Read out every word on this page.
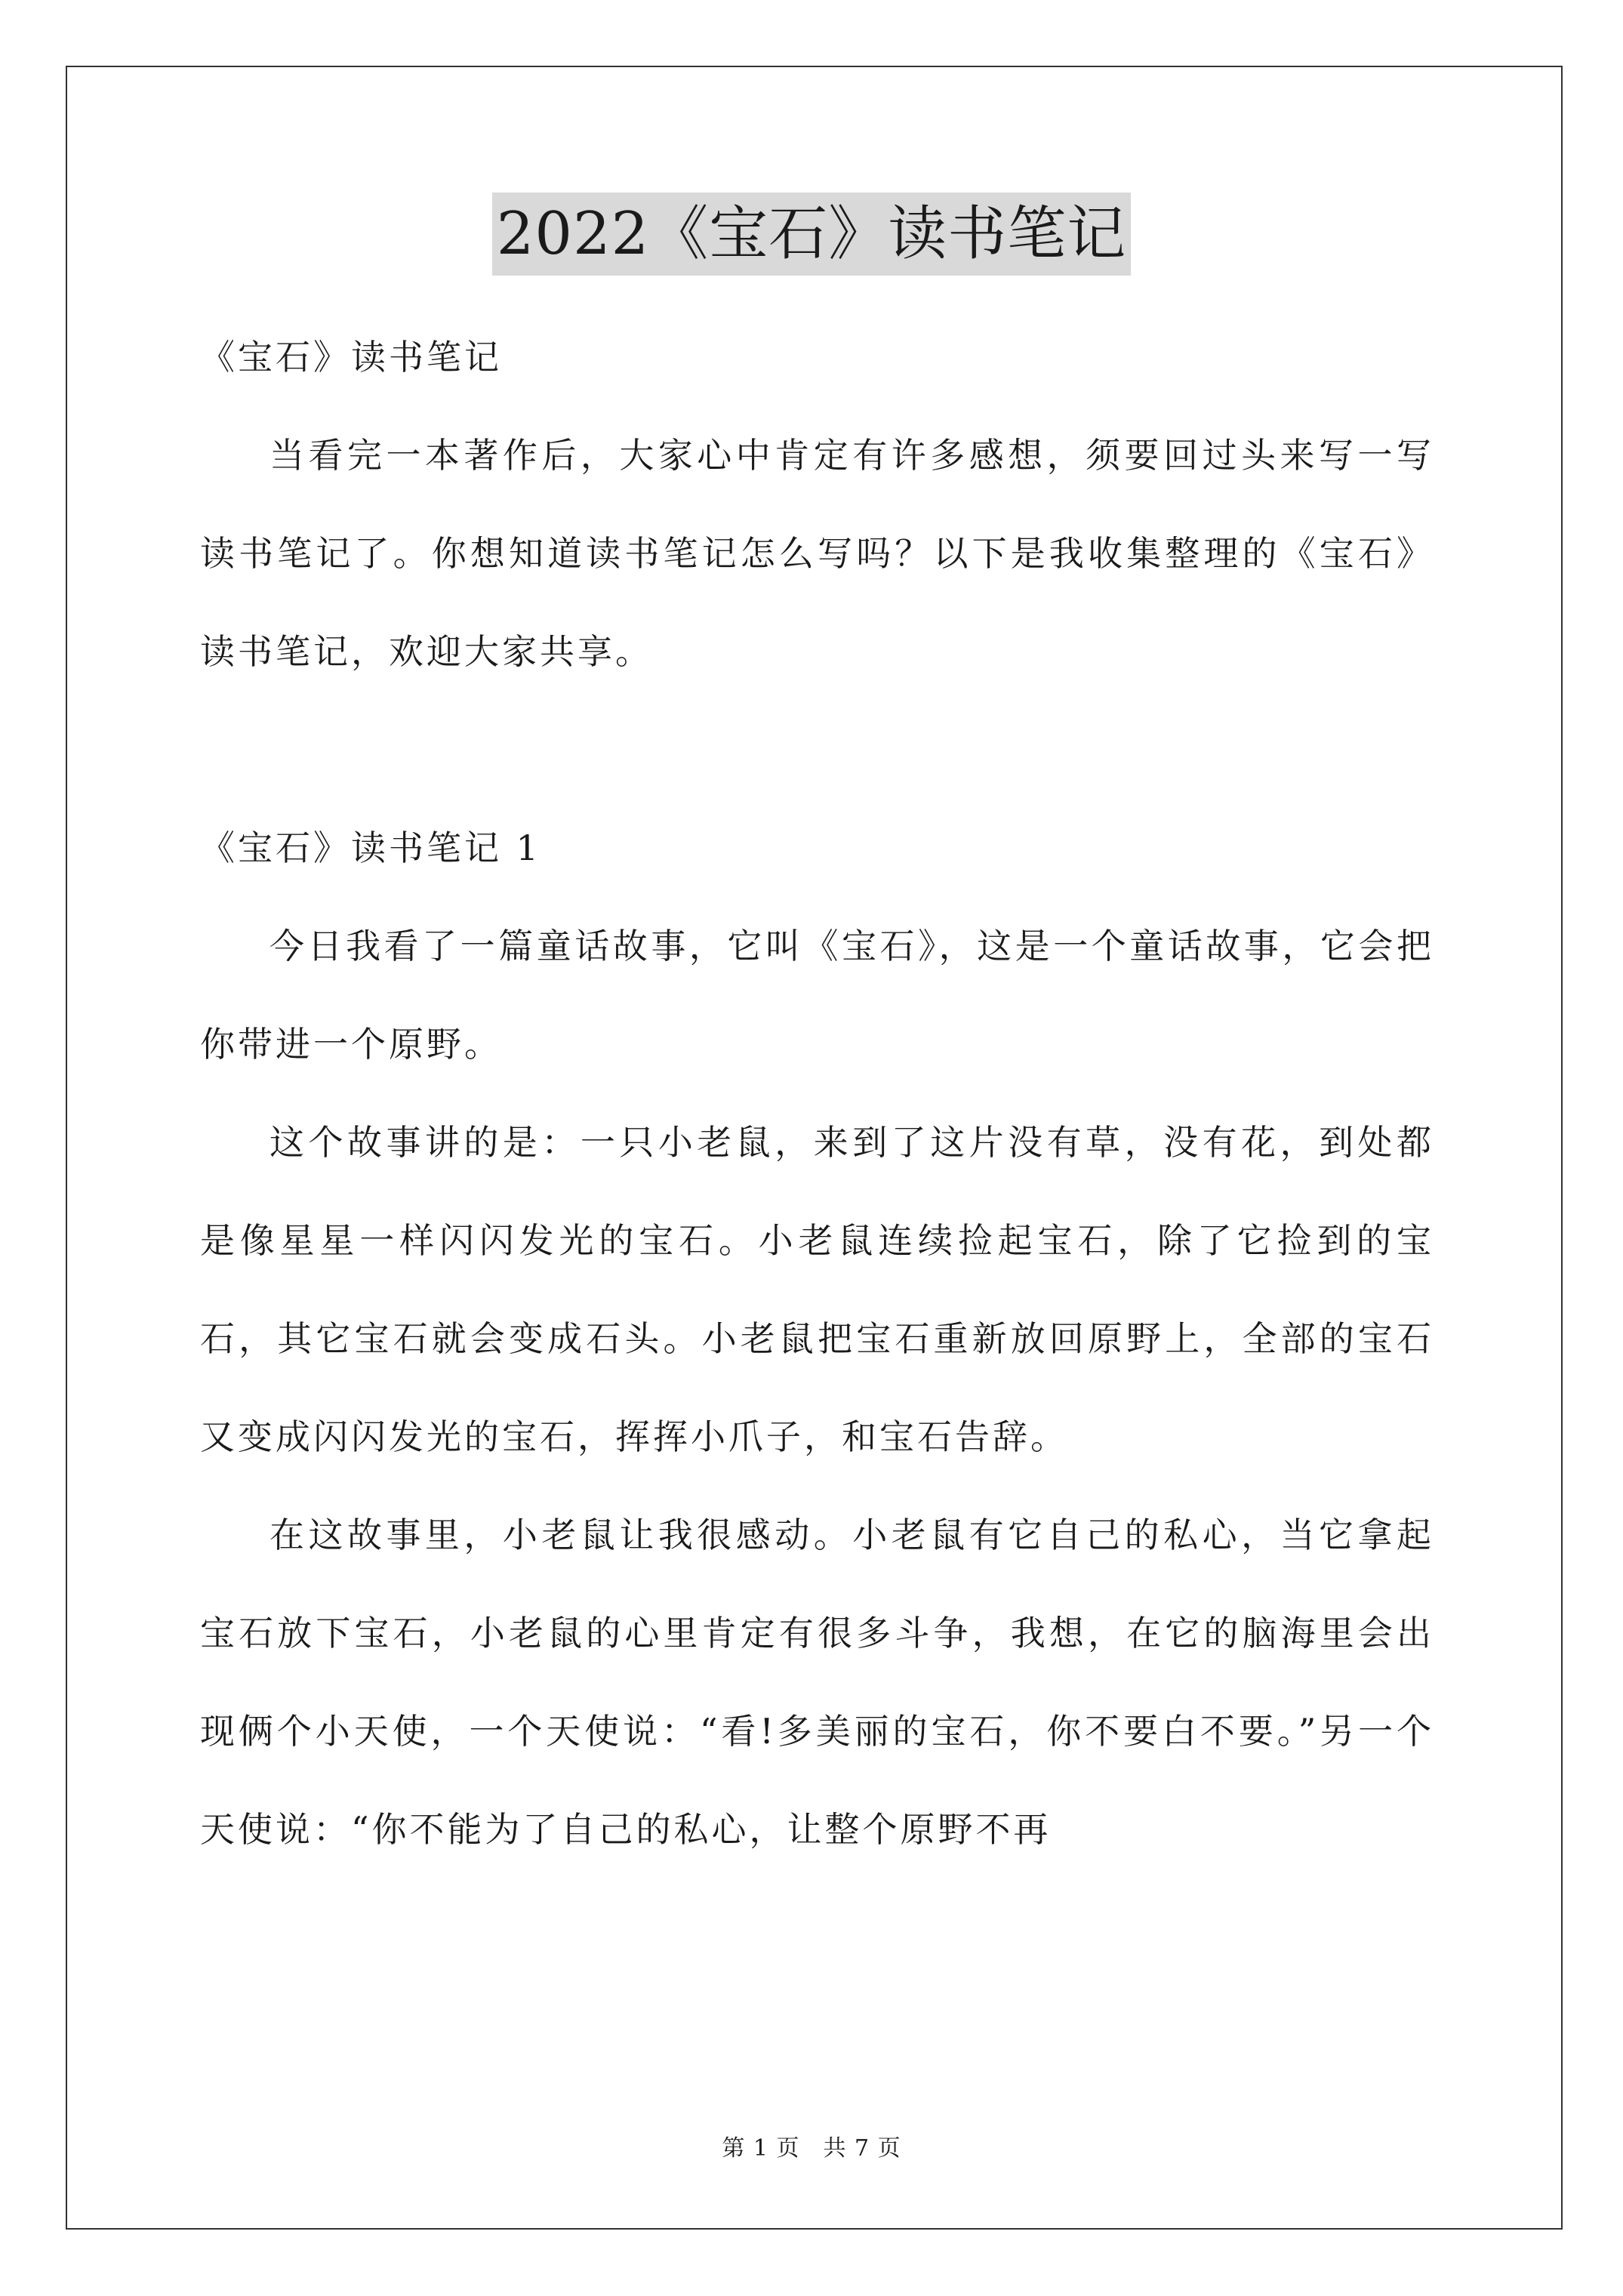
2022《宝石》读书笔记

《宝石》读书笔记

当看完一本著作后，大家心中肯定有许多感想，须要回过头来写一写读书笔记了。你想知道读书笔记怎么写吗？以下是我收集整理的《宝石》读书笔记，欢迎大家共享。

《宝石》读书笔记 1

今日我看了一篇童话故事，它叫《宝石》，这是一个童话故事，它会把你带进一个原野。

这个故事讲的是：一只小老鼠，来到了这片没有草，没有花，到处都是像星星一样闪闪发光的宝石。小老鼠连续捡起宝石，除了它捡到的宝石，其它宝石就会变成石头。小老鼠把宝石重新放回原野上，全部的宝石又变成闪闪发光的宝石，挥挥小爪子，和宝石告辞。

在这故事里，小老鼠让我很感动。小老鼠有它自己的私心，当它拿起宝石放下宝石，小老鼠的心里肯定有很多斗争，我想，在它的脑海里会出现俩个小天使，一个天使说：“看!多美丽的宝石，你不要白不要。”另一个天使说：“你不能为了自己的私心，让整个原野不再

第 1 页　共 7 页
